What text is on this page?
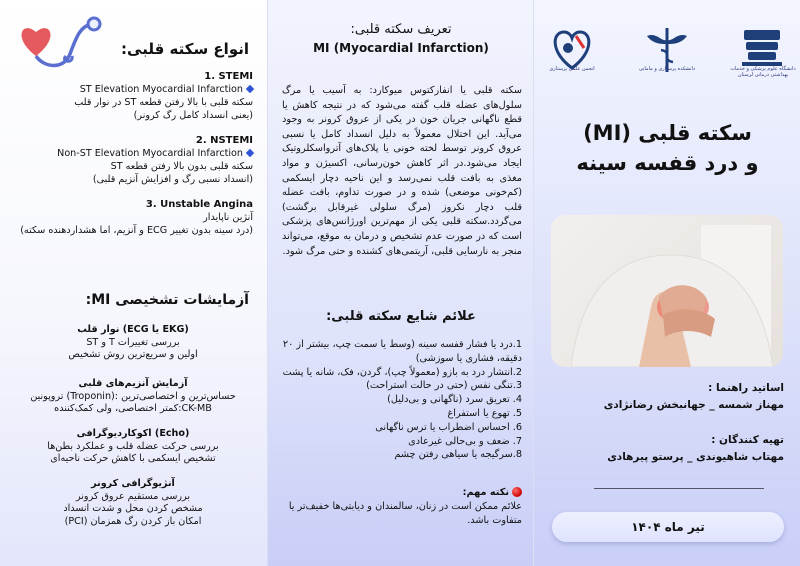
انواع سکته قلبی:
1. STEMI
ST Elevation Myocardial Infarction
سکته قلبی با بالا رفتن قطعه ST در نوار قلب
(یعنی انسداد کامل رگ کرونر)
2. NSTEMI
Non-ST Elevation Myocardial Infarction
سکته قلبی بدون بالا رفتن قطعه ST
(انسداد نسبی رگ و افزایش آنزیم قلبی)
3. Unstable Angina
آنژین ناپایدار
(درد سینه بدون تغییر ECG و آنزیم، اما هشداردهنده سکته)
آزمایشات تشخیصی MI:
(EKG یا ECG) نوار قلب
بررسی تغییرات T و ST
اولین و سریع‌ترین روش تشخیص
آزمایش آنزیم‌های قلبی
حساس‌ترین و اختصاصی‌ترین :(Troponin) تروپونین
CK-MB:کمتر اختصاصی، ولی کمک‌کننده
(Echo) اکوکاردیوگرافی
بررسی حرکت عضله قلب و عملکرد بطن‌ها
تشخیص ایسکمی با کاهش حرکت ناحیه‌ای
آنژیوگرافی کرونر
بررسی مستقیم عروق کرونر
مشخص کردن محل و شدت انسداد
امکان باز کردن رگ همزمان (PCI)
تعریف سکته قلبی:
MI (Myocardial Infarction)
سکته قلبی یا انفارکتوس میوکارد: به آسیب یا مرگ سلول‌های عضله قلب گفته می‌شود که در نتیجه کاهش یا قطع ناگهانی جریان خون در یکی از عروق کرونر به وجود می‌آید. این اختلال معمولاً به دلیل انسداد کامل یا نسبی عروق کرونر توسط لخته خونی یا پلاک‌های آترواسکلروتیک ایجاد می‌شود.در اثر کاهش خون‌رسانی، اکسیژن و مواد مغذی به بافت قلب نمی‌رسد و این ناحیه دچار ایسکمی (کم‌خونی موضعی) شده و در صورت تداوم، بافت عضله قلب دچار نکروز (مرگ سلولی غیرقابل برگشت) می‌گردد.سکته قلبی یکی از مهم‌ترین اورژانس‌های پزشکی است که در صورت عدم تشخیص و درمان به موقع، می‌تواند منجر به نارسایی قلبی، آریتمی‌های کشنده و حتی مرگ شود.
علائم شایع سکته قلبی:
1.درد یا فشار قفسه سینه (وسط یا سمت چپ، بیشتر از ۲۰ دقیقه، فشاری یا سوزشی)
2.انتشار درد به بازو (معمولاً چپ)، گردن، فک، شانه یا پشت
3.تنگی نفس (حتی در حالت استراحت)
4. تعریق سرد (ناگهانی و بی‌دلیل)
5. تهوع یا استفراغ
6. احساس اضطراب یا ترس ناگهانی
7. ضعف و بی‌حالی غیرعادی
8.سرگیجه یا سیاهی رفتن چشم
نکته مهم:
علائم ممکن است در زنان، سالمندان و دیابتی‌ها خفیف‌تر یا متفاوت باشد.
دانشگاه علوم پزشکی و خدمات بهداشتی درمانی لرستان
دانشکده پرستاری و مامایی
انجمن علمی پرستاری
سکته قلبی (MI)
و درد قفسه سینه
اساتید راهنما :
مهناز شمسه _ جهانبخش رضانژادی
تهیه کنندگان :
مهتاب شاهیوندی _ پرستو پیرهادی
تیر ماه ۱۴۰۴
